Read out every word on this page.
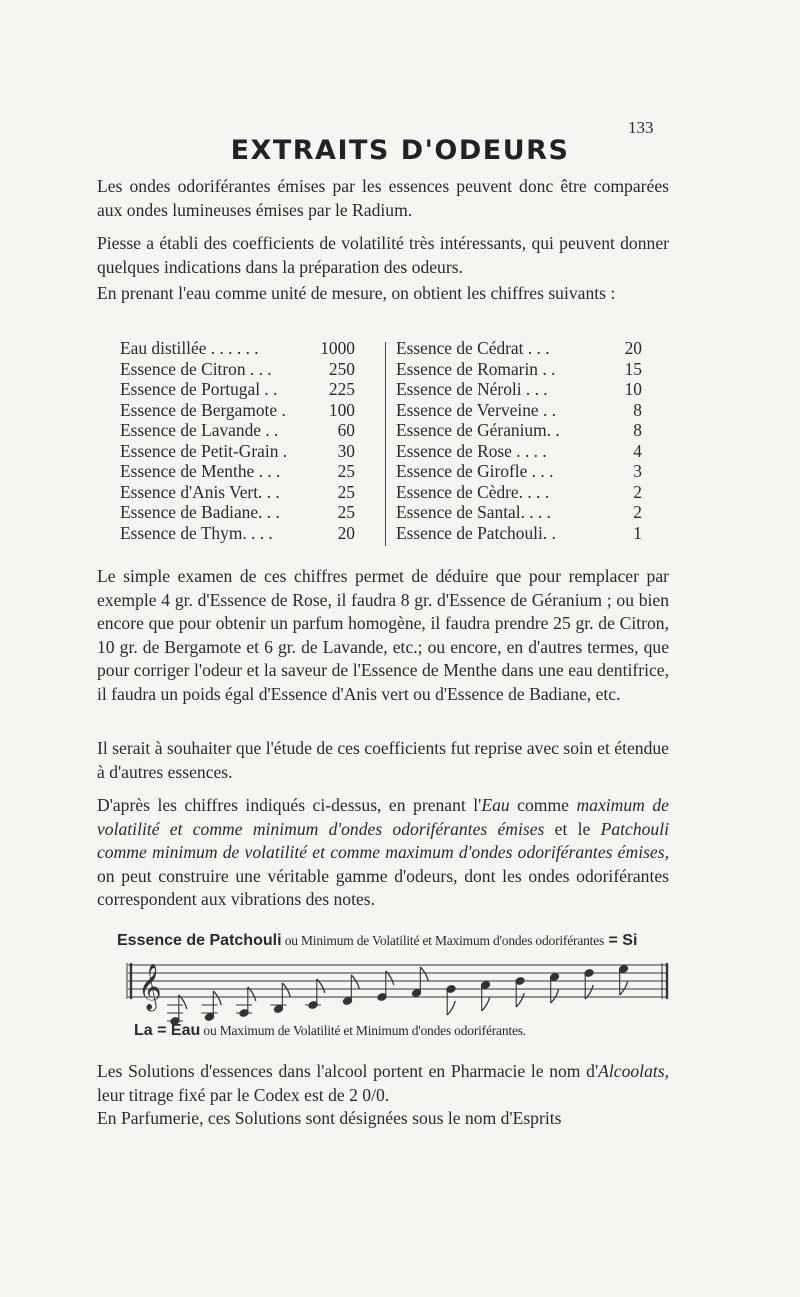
133
EXTRAITS D'ODEURS

Les ondes odoriférantes émises par les essences peuvent donc être comparées aux ondes lumineuses émises par le Radium.

Piesse a établi des coefficients de volatilité très intéressants, qui peuvent donner quelques indications dans la préparation des odeurs.

En prenant l'eau comme unité de mesure, on obtient les chiffres suivants :

Eau distillée . . . . . .	1000
Essence de Citron . . .	250
Essence de Portugal . .	225
Essence de Bergamote . 100
Essence de Lavande . .	60
Essence de Petit-Grain .	30
Essence de Menthe . . .	25
Essence d'Anis Vert. . .	25
Essence de Badiane. . .	25
Essence de Thym. . . .	20
Essence de Cédrat . . .	20
Essence de Romarin . .	15
Essence de Néroli . . .	10
Essence de Verveine . .	8
Essence de Géranium. .	8
Essence de Rose . . . .	4
Essence de Girofle . . .	3
Essence de Cèdre. . . .	2
Essence de Santal. . . .	2
Essence de Patchouli. .	1

Le simple examen de ces chiffres permet de déduire que pour remplacer par exemple 4 gr. d'Essence de Rose, il faudra 8 gr. d'Essence de Géranium ; ou bien encore que pour obtenir un parfum homogène, il faudra prendre 25 gr. de Citron, 10 gr. de Bergamote et 6 gr. de Lavande, etc.; ou encore, en d'autres termes, que pour corriger l'odeur et la saveur de l'Essence de Menthe dans une eau dentifrice, il faudra un poids égal d'Essence d'Anis vert ou d'Essence de Badiane, etc.

Il serait à souhaiter que l'étude de ces coefficients fut reprise avec soin et étendue à d'autres essences.

D'après les chiffres indiqués ci-dessus, en prenant l'Eau comme maximum de volatilité et comme minimum d'ondes odoriférantes émises et le Patchouli comme minimum de volatilité et comme maximum d'ondes odoriférantes émises, on peut construire une véritable gamme d'odeurs, dont les ondes odoriférantes correspondent aux vibrations des notes.

Essence de Patchouli ou Minimum de Volatilité et Maximum d'ondes odoriférantes = Si
𝄞
La = Eau ou Maximum de Volatilité et Minimum d'ondes odoriférantes.

Les Solutions d'essences dans l'alcool portent en Pharmacie le nom d'Alcoolats, leur titrage fixé par le Codex est de 2 0/0.

En Parfumerie, ces Solutions sont désignées sous le nom d'Esprits
